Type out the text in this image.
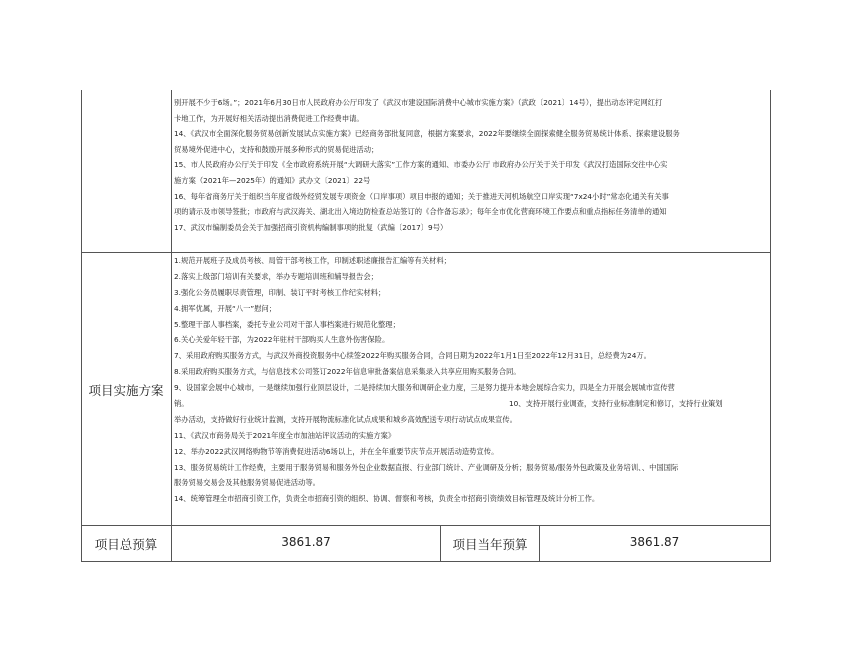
别开展不少于6场。”；2021年6月30日市人民政府办公厅印发了《武汉市建设国际消费中心城市实施方案》（武政〔2021〕14号），提出动态评定网红打
卡地工作，为开展好相关活动提出消费促进工作经费申请。
14、《武汉市全面深化服务贸易创新发展试点实施方案》已经商务部批复同意，根据方案要求，2022年要继续全面探索健全服务贸易统计体系、探索建设服务
贸易境外促进中心，支持和鼓励开展多种形式的贸易促进活动；
15、市人民政府办公厅关于印发《全市政府系统开展“大调研大落实”工作方案的通知、市委办公厅 市政府办公厅关于关于印发《武汉打造国际交往中心实
施方案（2021年—2025年）的通知》武办文〔2021〕22号
16、每年省商务厅关于组织当年度省级外经贸发展专项资金（口岸事项）项目申报的通知；关于推进天河机场航空口岸实现“7x24小时”常态化通关有关事
项的请示及市领导签批；市政府与武汉海关、湖北出入境边防检查总站签订的《合作备忘录》；每年全市优化营商环境工作要点和重点指标任务清单的通知
17、武汉市编制委员会关于加强招商引资机构编制事项的批复（武编〔2017〕9号）
项目实施方案
1.规范开展班子及成员考核、局管干部考核工作，印制述职述廉报告汇编等有关材料；
2.落实上级部门培训有关要求，举办专题培训班和辅导报告会；
3.强化公务员履职尽责管理，印制、装订平时考核工作纪实材料；
4.拥军优属，开展“八一”慰问；
5.整理干部人事档案，委托专业公司对干部人事档案进行规范化整理；
6.关心关爱年轻干部，为2022年驻村干部购买人生意外伤害保险。
7、采用政府购买服务方式，与武汉外商投资服务中心续签2022年购买服务合同，合同日期为2022年1月1日至2022年12月31日，总经费为24万。
8.采用政府购买服务方式，与信息技术公司签订2022年信息审批备案信息采集录入共享应用购买服务合同。
9、设国家会展中心城市，一是继续加强行业顶层设计，二是持续加大服务和调研企业力度，三是努力提升本地会展综合实力，四是全力开展会展城市宣传营
销。	10、支持开展行业调查，支持行业标准制定和修订，支持行业策划
举办活动，支持做好行业统计监测，支持开展物流标准化试点成果和城乡高效配送专项行动试点成果宣传。
11、《武汉市商务局关于2021年度全市加油站评议活动的实施方案》
12、举办2022武汉网络购物节等消费促进活动6场以上，并在全年重要节庆节点开展活动造势宣传。
13、服务贸易统计工作经费，主要用于服务贸易和服务外包企业数据直报、行业部门统计、产业调研及分析；服务贸易/服务外包政策及业务培训、、中国国际
服务贸易交易会及其他服务贸易促进活动等。
14、统筹管理全市招商引资工作，负责全市招商引资的组织、协调、督察和考核，负责全市招商引资绩效目标管理及统计分析工作。
项目总预算	3861.87	项目当年预算	3861.87
